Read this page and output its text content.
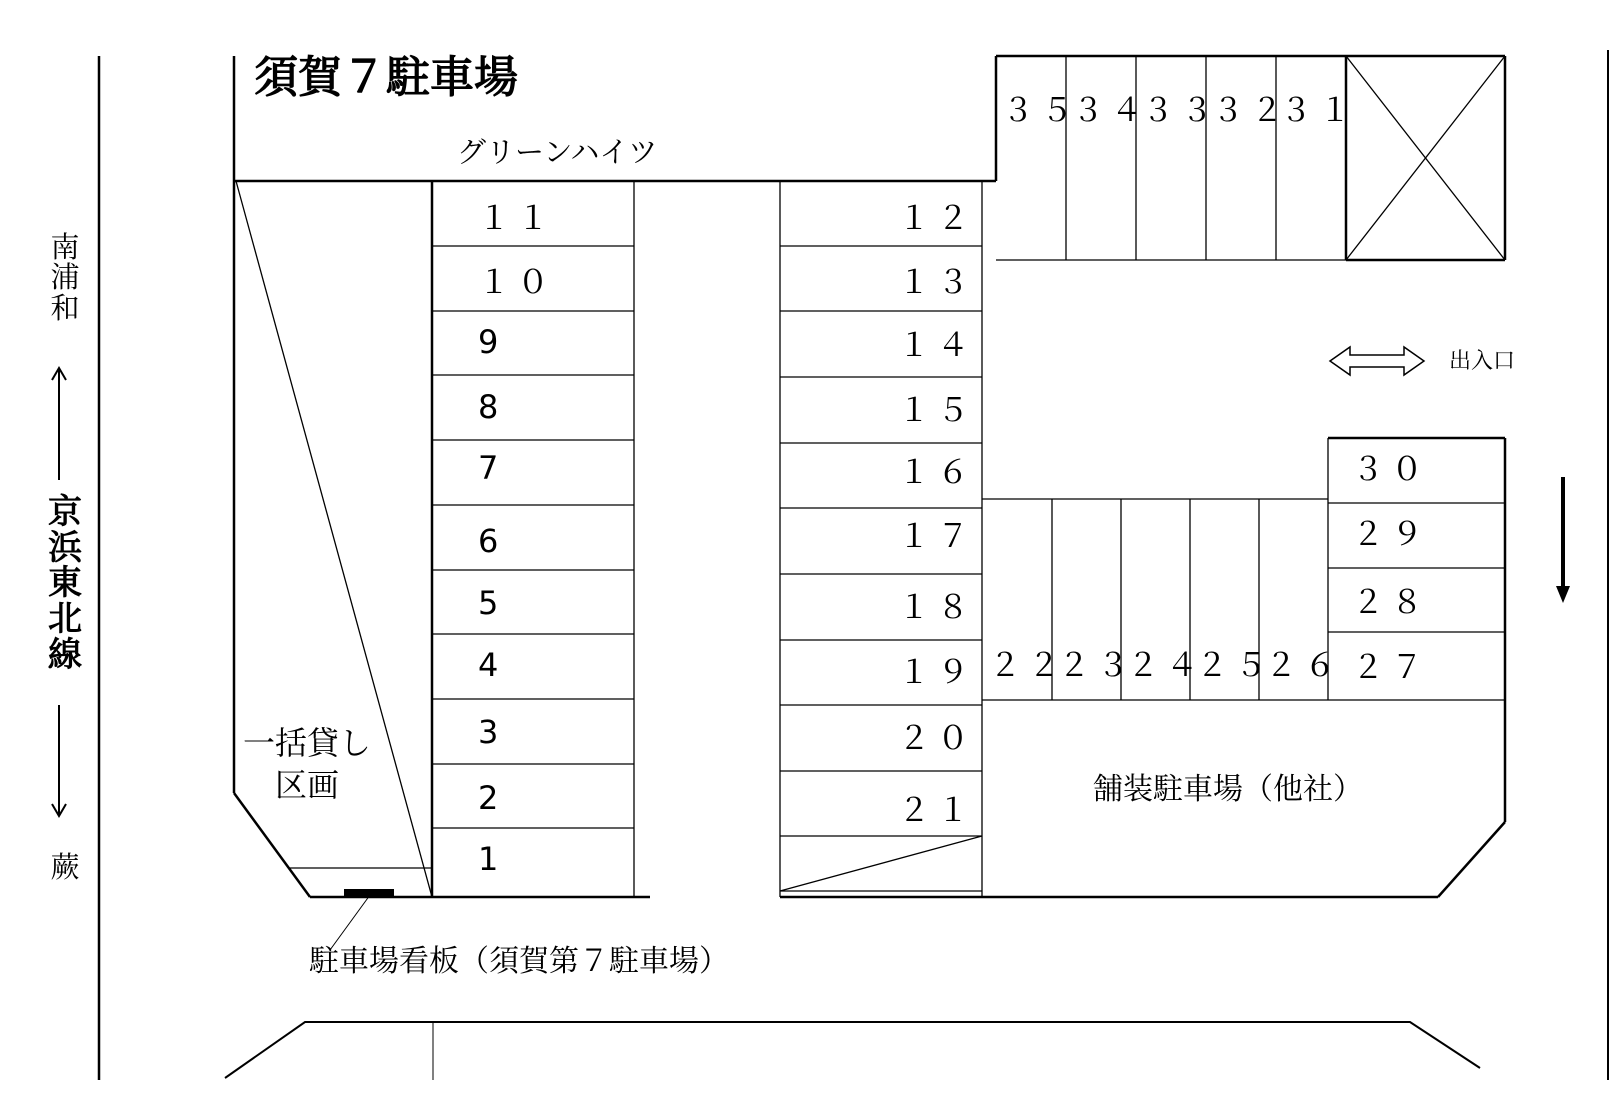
須賀７駐車場
グリーンハイツ
南浦和
京浜東北線
蕨
一括貸し
区画	舗装駐車場（他社）
駐車場看板（須賀第７駐車場）
出入口
１１
１０
9
8
7
6
5
4
3
2
1
１２
１３
１４
１５
１６
１７
１８
１９
２０
２１
３５
３４
３３
３２
３１
２２
２３
２４
２５
２６
３０
２９
２８
２７
